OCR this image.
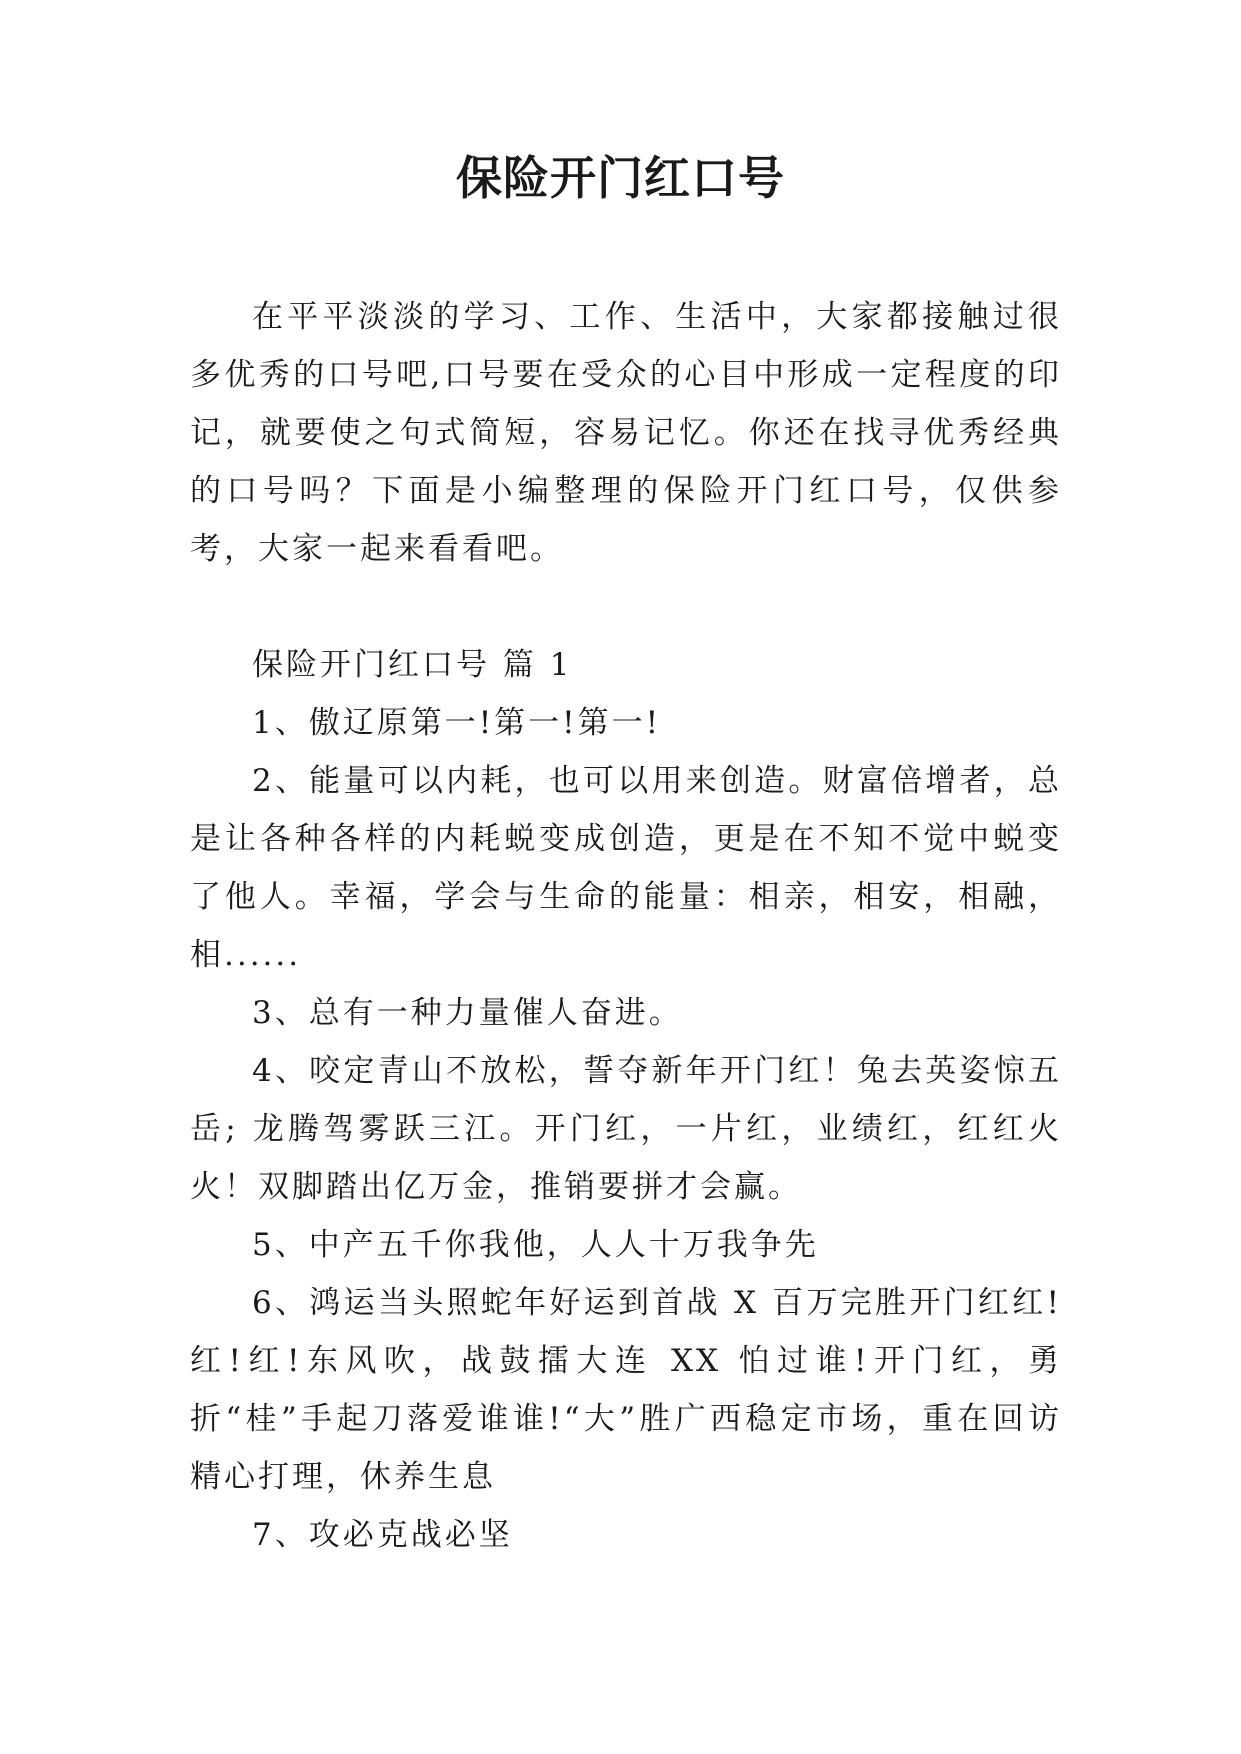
保险开门红口号

在平平淡淡的学习、工作、生活中，大家都接触过很多优秀的口号吧,口号要在受众的心目中形成一定程度的印记，就要使之句式简短，容易记忆。你还在找寻优秀经典的口号吗？下面是小编整理的保险开门红口号，仅供参考，大家一起来看看吧。

保险开门红口号 篇 1

1、傲辽原第一!第一!第一!

2、能量可以内耗，也可以用来创造。财富倍增者，总是让各种各样的内耗蜕变成创造，更是在不知不觉中蜕变了他人。幸福，学会与生命的能量：相亲，相安，相融，相......

3、总有一种力量催人奋进。

4、咬定青山不放松，誓夺新年开门红！兔去英姿惊五岳; 龙腾驾雾跃三江。开门红，一片红，业绩红，红红火火！双脚踏出亿万金，推销要拼才会赢。

5、中产五千你我他，人人十万我争先

6、鸿运当头照蛇年好运到首战 X 百万完胜开门红红!红!红!东风吹，战鼓擂大连 XX 怕过谁!开门红，勇折“桂”手起刀落爱谁谁!“大”胜广西稳定市场，重在回访精心打理，休养生息

7、攻必克战必坚
